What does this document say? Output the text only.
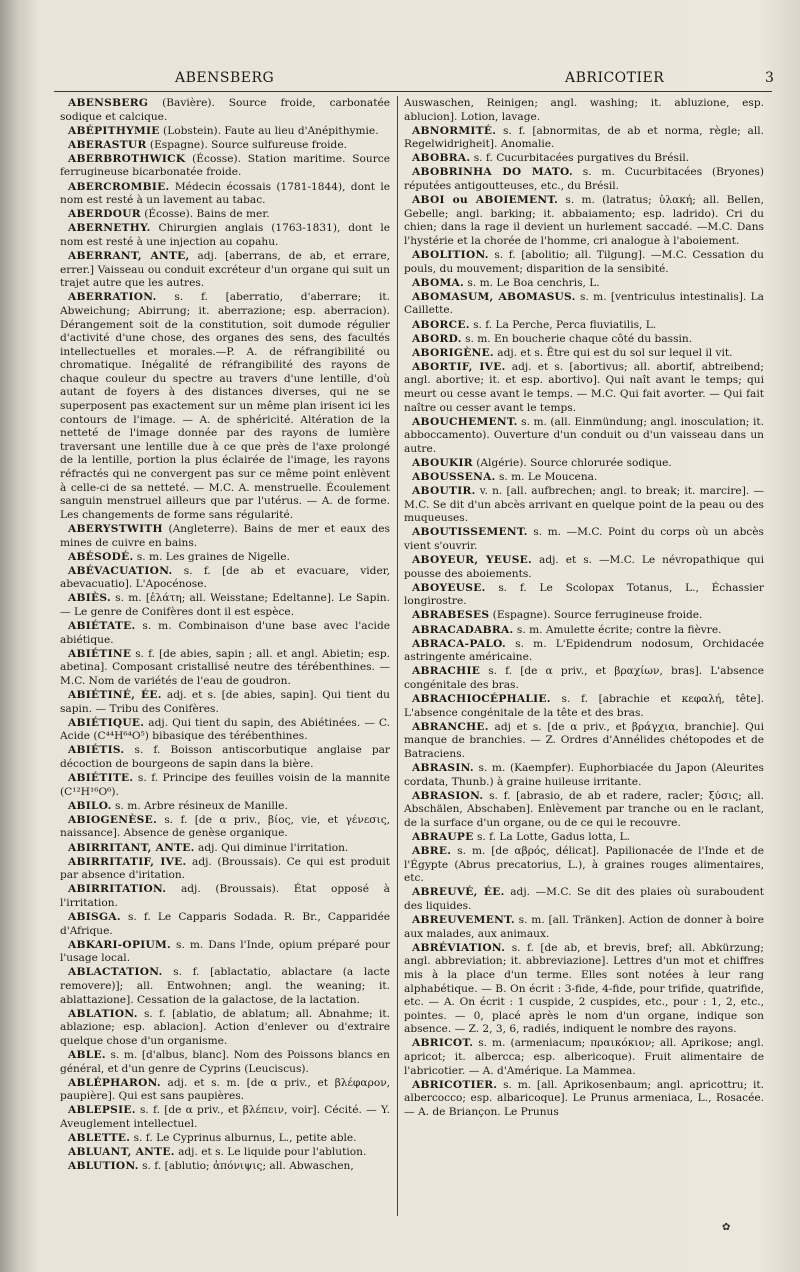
ABENSBERG	ABRICOTIER	3

ABENSBERG (Bavière). Source froide, carbonatée sodique et calcique.

ABÉPITHYMIE (Lobstein). Faute au lieu d'Anépithymie.

ABERASTUR (Espagne). Source sulfureuse froide.

ABERBROTHWICK (Écosse). Station maritime. Source ferrugineuse bicarbonatée froide.

ABERCROMBIE. Médecin écossais (1781-1844), dont le nom est resté à un lavement au tabac.

ABERDOUR (Écosse). Bains de mer.

ABERNETHY. Chirurgien anglais (1763-1831), dont le nom est resté à une injection au copahu.

ABERRANT, ANTE, adj. [aberrans, de ab, et errare, errer.] Vaisseau ou conduit excréteur d'un organe qui suit un trajet autre que les autres.

ABERRATION. s. f. [aberratio, d'aberrare; it. Abweichung; Abirrung; it. aberrazione; esp. aberracion). Dérangement soit de la constitution, soit dumode régulier d'activité d'une chose, des organes des sens, des facultés intellectuelles et morales.—P. A. de réfrangibilité ou chromatique. Inégalité de réfrangibilité des rayons de chaque couleur du spectre au travers d'une lentille, d'où autant de foyers à des distances diverses, qui ne se superposent pas exactement sur un même plan irisent ici les contours de l'image. — A. de sphéricité. Altération de la netteté de l'image donnée par des rayons de lumière traversant une lentille due à ce que près de l'axe prolongé de la lentille, portion la plus éclairée de l'image, les rayons réfractés qui ne convergent pas sur ce même point enlèvent à celle-ci de sa netteté. — M.C. A. menstruelle. Écoulement sanguin menstruel ailleurs que par l'utérus. — A. de forme. Les changements de forme sans régularité.

ABERYSTWITH (Angleterre). Bains de mer et eaux des mines de cuivre en bains.

ABÉSODÉ. s. m. Les graines de Nigelle.

ABÉVACUATION. s. f. [de ab et evacuare, vider, abevacuatio]. L'Apocénose.

ABIÈS. s. m. [ἐλάτη; all. Weisstane; Edeltanne]. Le Sapin. — Le genre de Conifères dont il est espèce.

ABIÉTATE. s. m. Combinaison d'une base avec l'acide abiétique.

ABIÉTINE s. f. [de abies, sapin ; all. et angl. Abietin; esp. abetina]. Composant cristallisé neutre des térébenthines. — M.C. Nom de variétés de l'eau de goudron.

ABIÉTINÉ, ÉE. adj. et s. [de abies, sapin]. Qui tient du sapin. — Tribu des Conifères.

ABIÉTIQUE. adj. Qui tient du sapin, des Abiétinées. — C. Acide (C⁴⁴H⁶⁴O⁵) bibasique des térébenthines.

ABIÉTIS. s. f. Boisson antiscorbutique anglaise par décoction de bourgeons de sapin dans la bière.

ABIÉTITE. s. f. Principe des feuilles voisin de la mannite (C¹²H¹⁶O⁶).

ABILO. s. m. Arbre résineux de Manille.

ABIOGENÈSE. s. f. [de α priv., βίος, vie, et γένεσις, naissance]. Absence de genèse organique.

ABIRRITANT, ANTE. adj. Qui diminue l'irritation.

ABIRRITATIF, IVE. adj. (Broussais). Ce qui est produit par absence d'iritation.

ABIRRITATION. adj. (Broussais). État opposé à l'irritation.

ABISGA. s. f. Le Capparis Sodada. R. Br., Capparidée d'Afrique.

ABKARI-OPIUM. s. m. Dans l'Inde, opium préparé pour l'usage local.

ABLACTATION. s. f. [ablactatio, ablactare (a lacte removere)]; all. Entwohnen; angl. the weaning; it. ablattazione]. Cessation de la galactose, de la lactation.

ABLATION. s. f. [ablatio, de ablatum; all. Abnahme; it. ablazione; esp. ablacion]. Action d'enlever ou d'extraire quelque chose d'un organisme.

ABLE. s. m. [d'albus, blanc]. Nom des Poissons blancs en général, et d'un genre de Cyprins (Leuciscus).

ABLÉPHARON. adj. et s. m. [de α priv., et βλέφαρον, paupière]. Qui est sans paupières.

ABLEPSIE. s. f. [de α priv., et βλέπειν, voir]. Cécité. — Y. Aveuglement intellectuel.

ABLETTE. s. f. Le Cyprinus alburnus, L., petite able.

ABLUANT, ANTE. adj. et s. Le liquide pour l'ablution.

ABLUTION. s. f. [ablutio; ἀπόνιψις; all. Abwaschen,

Auswaschen, Reinigen; angl. washing; it. abluzione, esp. ablucion]. Lotion, lavage.

ABNORMITÉ. s. f. [abnormitas, de ab et norma, règle; all. Regelwidrigheit]. Anomalie.

ABOBRA. s. f. Cucurbitacées purgatives du Brésil.

ABOBRINHA DO MATO. s. m. Cucurbitacées (Bryones) réputées antigoutteuses, etc., du Brésil.

ABOI ou ABOIEMENT. s. m. (latratus; ὑλακή; all. Bellen, Gebelle; angl. barking; it. abbaiamento; esp. ladrido). Cri du chien; dans la rage il devient un hurlement saccadé. —M.C. Dans l'hystérie et la chorée de l'homme, cri analogue à l'aboiement.

ABOLITION. s. f. [abolitio; all. Tilgung]. —M.C. Cessation du pouls, du mouvement; disparition de la sensibité.

ABOMA. s. m. Le Boa cenchris, L.

ABOMASUM, ABOMASUS. s. m. [ventriculus intestinalis]. La Caillette.

ABORCE. s. f. La Perche, Perca fluviatilis, L.

ABORD. s. m. En boucherie chaque côté du bassin.

ABORIGÈNE. adj. et s. Être qui est du sol sur lequel il vit.

ABORTIF, IVE. adj. et s. [abortivus; all. abortif, abtreibend; angl. abortive; it. et esp. abortivo]. Qui naît avant le temps; qui meurt ou cesse avant le temps. — M.C. Qui fait avorter. — Qui fait naître ou cesser avant le temps.

ABOUCHEMENT. s. m. (all. Einmündung; angl. inosculation; it. abboccamento). Ouverture d'un conduit ou d'un vaisseau dans un autre.

ABOUKIR (Algérie). Source chlorurée sodique.

ABOUSSENA. s. m. Le Moucena.

ABOUTIR. v. n. [all. aufbrechen; angl. to break; it. marcire]. — M.C. Se dit d'un abcès arrivant en quelque point de la peau ou des muqueuses.

ABOUTISSEMENT. s. m. —M.C. Point du corps où un abcès vient s'ouvrir.

ABOYEUR, YEUSE. adj. et s. —M.C. Le névropathique qui pousse des aboiements.

ABOYEUSE. s. f. Le Scolopax Totanus, L., Échassier longirostre.

ABRABESES (Espagne). Source ferrugineuse froide.

ABRACADABRA. s. m. Amulette écrite; contre la fièvre.

ABRACA-PALO. s. m. L'Epidendrum nodosum, Orchidacée astringente américaine.

ABRACHIE s. f. [de α priv., et βραχίων, bras]. L'absence congénitale des bras.

ABRACHIOCÉPHALIE. s. f. [abrachie et κεφαλή, tête]. L'absence congénitale de la tête et des bras.

ABRANCHE. adj et s. [de α priv., et βράγχια, branchie]. Qui manque de branchies. — Z. Ordres d'Annélides chétopodes et de Batraciens.

ABRASIN. s. m. (Kaempfer). Euphorbiacée du Japon (Aleurites cordata, Thunb.) à graine huileuse irritante.

ABRASION. s. f. [abrasio, de ab et radere, racler; ξύσις; all. Abschälen, Abschaben]. Enlèvement par tranche ou en le raclant, de la surface d'un organe, ou de ce qui le recouvre.

ABRAUPE s. f. La Lotte, Gadus lotta, L.

ABRE. s. m. [de αβρός, délicat]. Papilionacée de l'Inde et de l'Égypte (Abrus precatorius, L.), à graines rouges alimentaires, etc.

ABREUVÉ, ÉE. adj. —M.C. Se dit des plaies où suraboudent des liquides.

ABREUVEMENT. s. m. [all. Tränken]. Action de donner à boire aux malades, aux animaux.

ABRÉVIATION. s. f. [de ab, et brevis, bref; all. Abkürzung; angl. abbreviation; it. abbreviazione]. Lettres d'un mot et chiffres mis à la place d'un terme. Elles sont notées à leur rang alphabétique. — B. On écrit : 3-fide, 4-fide, pour trifide, quatrifide, etc. — A. On écrit : 1 cuspide, 2 cuspides, etc., pour : 1, 2, etc., pointes. — 0, placé après le nom d'un organe, indique son absence. — Z. 2, 3, 6, radiés, indiquent le nombre des rayons.

ABRICOT. s. m. (armeniacum; πραικόκιον; all. Aprikose; angl. apricot; it. albercca; esp. albericoque). Fruit alimentaire de l'abricotier. — A. d'Amérique. La Mammea.

ABRICOTIER. s. m. [all. Aprikosenbaum; angl. apricottru; it. albercocco; esp. albaricoque]. Le Prunus armeniaca, L., Rosacée. — A. de Briançon. Le Prunus

✿
